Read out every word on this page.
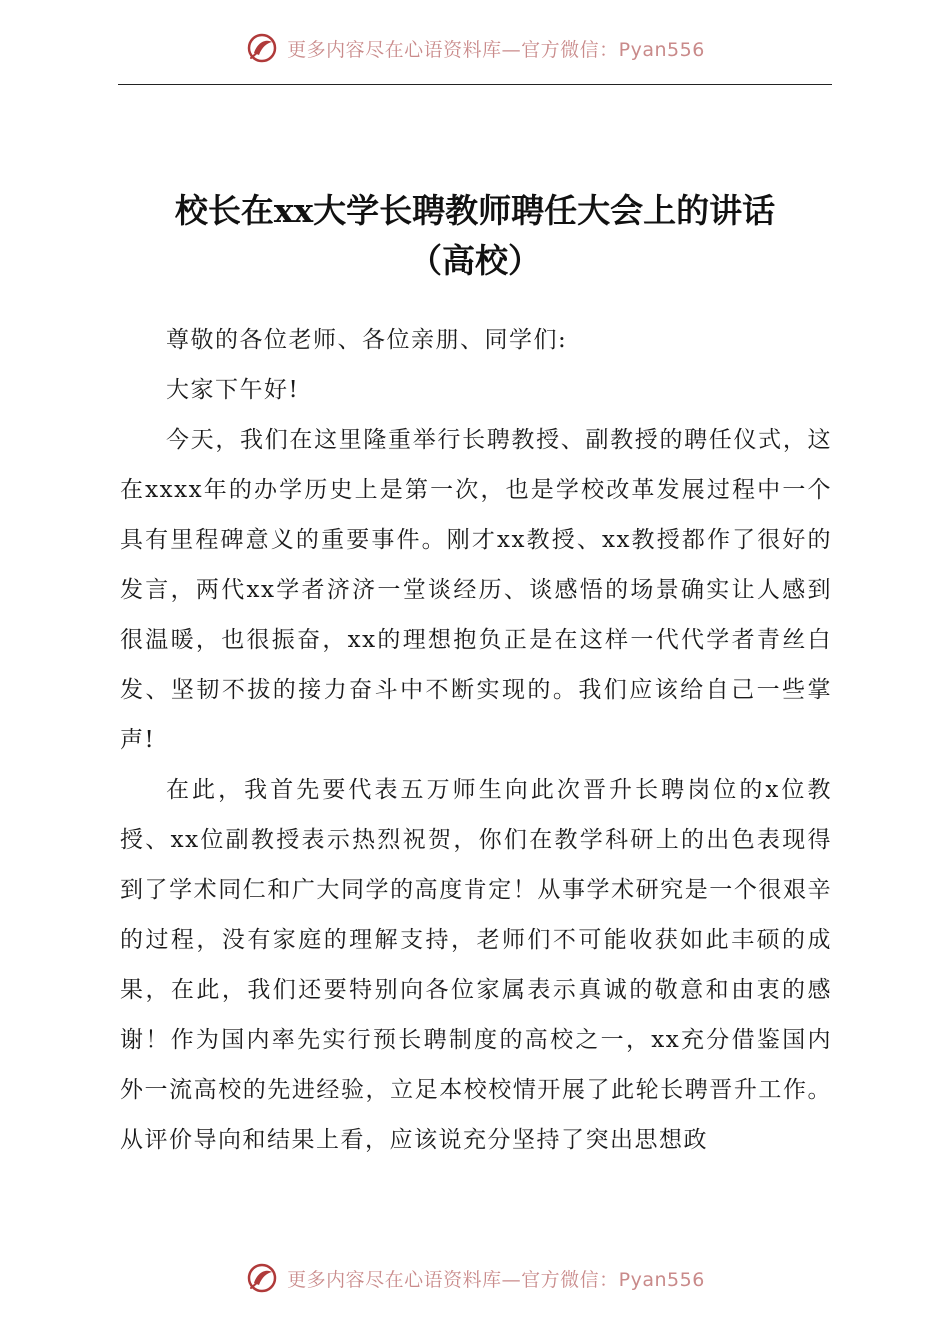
更多内容尽在心语资料库—官方微信：Pyan556
校长在xx大学长聘教师聘任大会上的讲话
（高校）

尊敬的各位老师、各位亲朋、同学们:

大家下午好!

今天，我们在这里隆重举行长聘教授、副教授的聘任仪式，这在xxxx年的办学历史上是第一次，也是学校改革发展过程中一个具有里程碑意义的重要事件。刚才xx教授、xx教授都作了很好的发言，两代xx学者济济一堂谈经历、谈感悟的场景确实让人感到很温暖，也很振奋，xx的理想抱负正是在这样一代代学者青丝白发、坚韧不拔的接力奋斗中不断实现的。我们应该给自己一些掌声!

在此，我首先要代表五万师生向此次晋升长聘岗位的x位教授、xx位副教授表示热烈祝贺，你们在教学科研上的出色表现得到了学术同仁和广大同学的高度肯定！从事学术研究是一个很艰辛的过程，没有家庭的理解支持，老师们不可能收获如此丰硕的成果，在此，我们还要特别向各位家属表示真诚的敬意和由衷的感谢！作为国内率先实行预长聘制度的高校之一，xx充分借鉴国内外一流高校的先进经验，立足本校校情开展了此轮长聘晋升工作。从评价导向和结果上看，应该说充分坚持了突出思想政

更多内容尽在心语资料库—官方微信：Pyan556
